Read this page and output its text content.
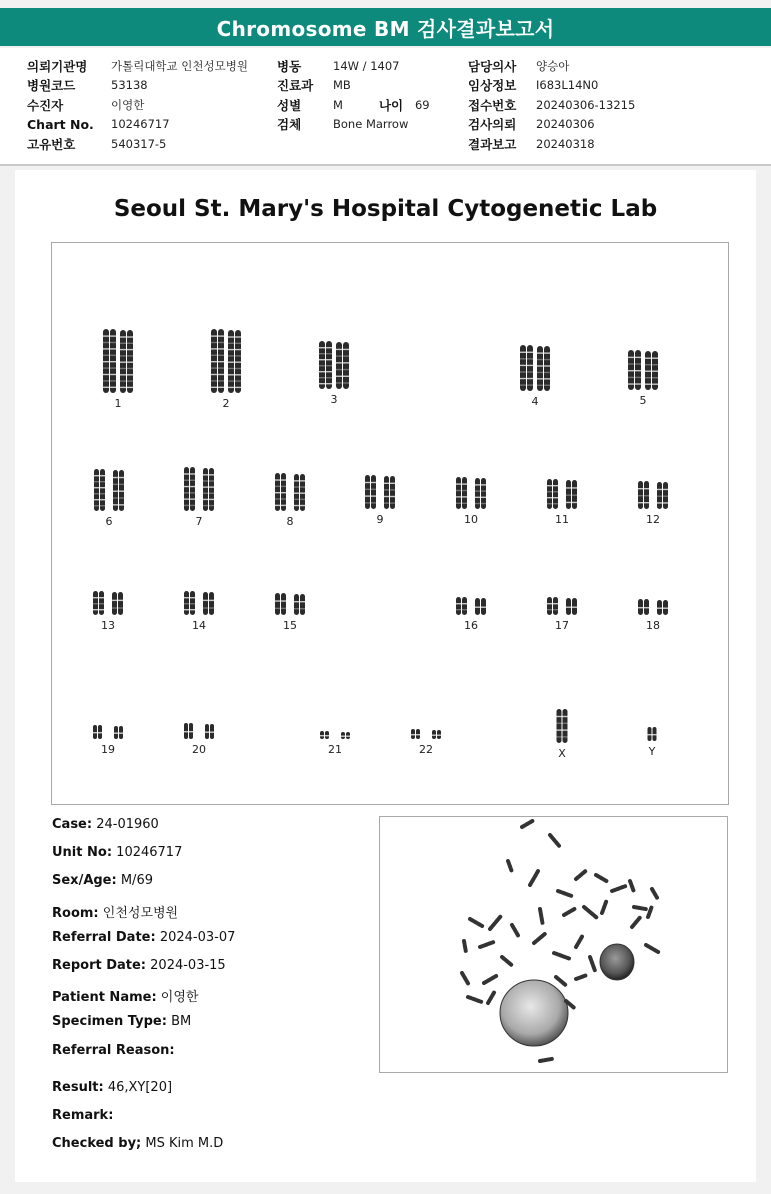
Chromosome BM 검사결과보고서
의뢰기관명	가톨릭대학교 인천성모병원
병원코드	53138
수진자	이영한
Chart No.	10246717
고유번호	540317-5
병동	14W / 1407
진료과	MB
성별	M	나이	69
검체	Bone Marrow
담당의사	양승아
임상정보	I683L14N0
접수번호	20240306-13215
검사의뢰	20240306
결과보고	20240318
Seoul St. Mary's Hospital Cytogenetic Lab
1	2	3	4	5
6	7	8	9	10	11	12
13	14	15	16	17	18
19	20	21	22	X	Y
Case: 24-01960
Unit No: 10246717
Sex/Age: M/69
Room: 인천성모병원
Referral Date: 2024-03-07
Report Date: 2024-03-15
Patient Name: 이영한
Specimen Type: BM
Referral Reason:
Result: 46,XY[20]
Remark:
Checked by; MS Kim M.D
